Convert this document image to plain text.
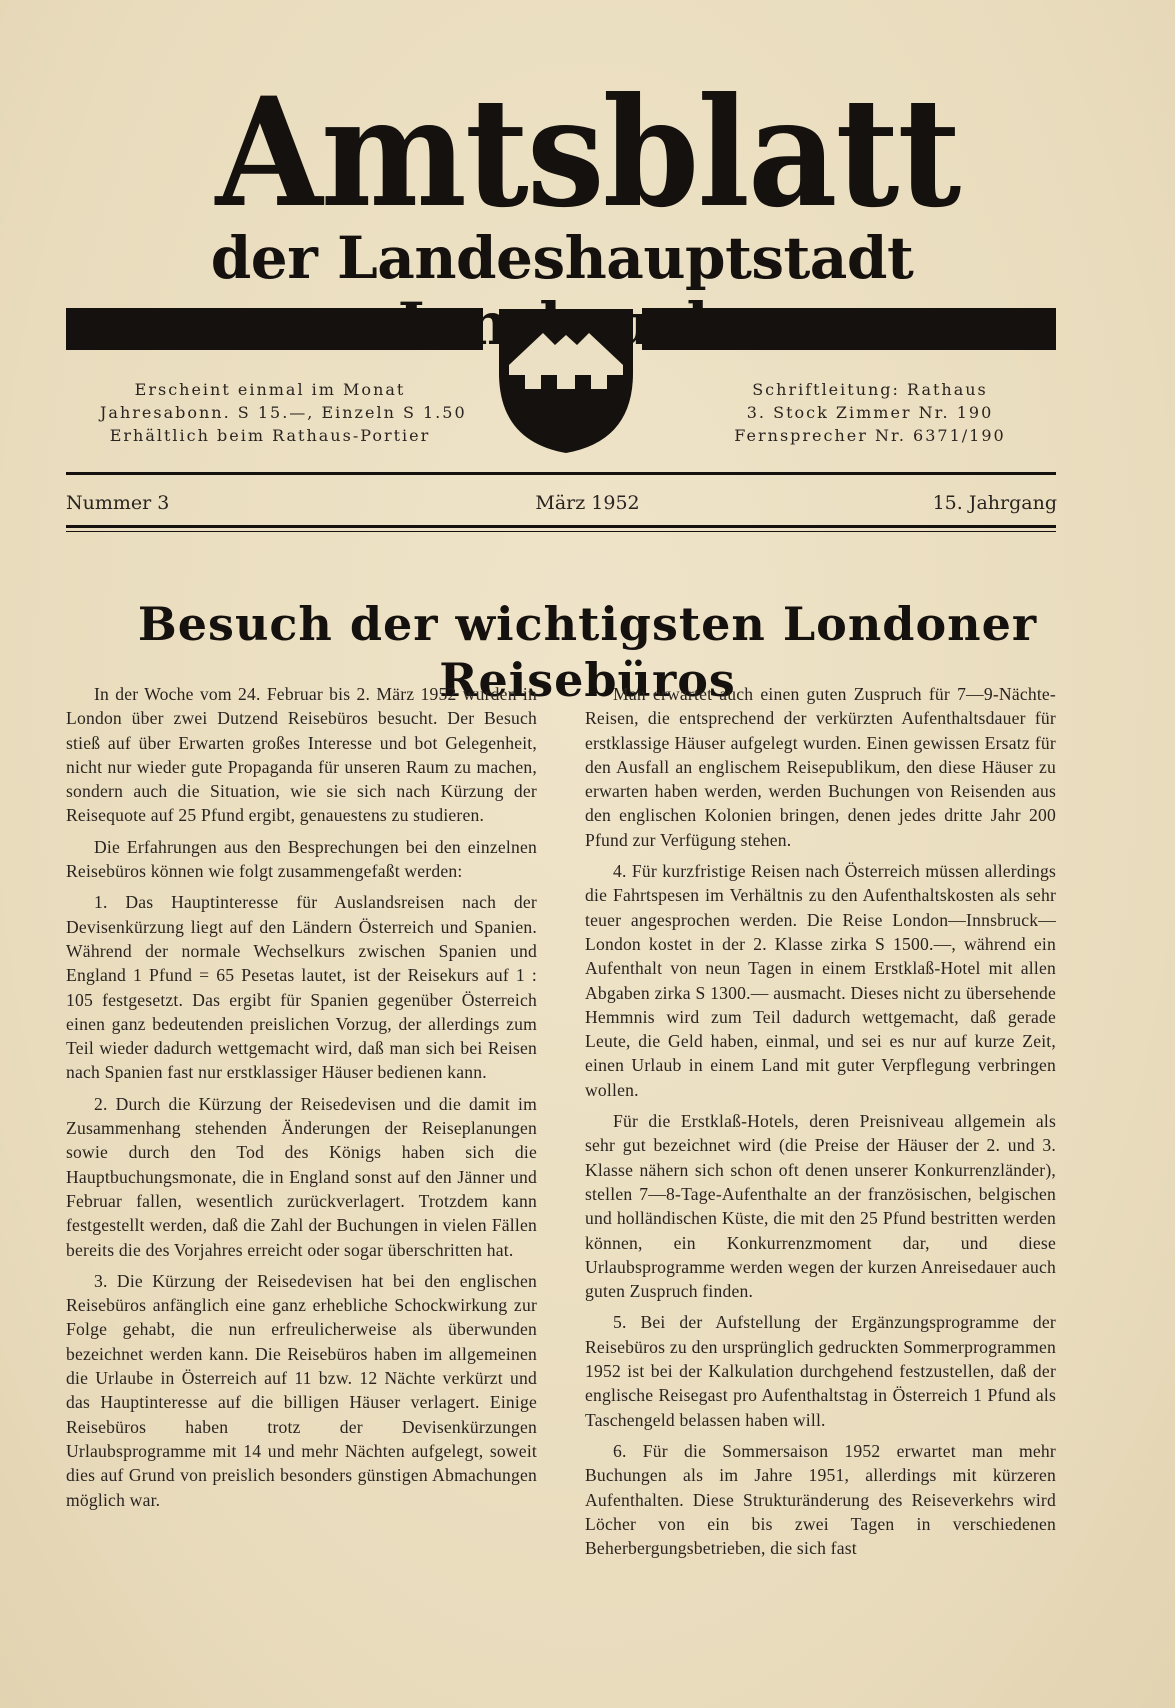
Amtsblatt
der Landeshauptstadt
Erscheint einmal im Monat
Jahresabonn. S 15.—, Einzeln S 1.50
Erhältlich beim Rathaus-Portier
Schriftleitung: Rathaus
3. Stock Zimmer Nr. 190
Fernsprecher Nr. 6371/190
Nummer 3	März 1952	15. Jahrgang
Besuch der wichtigsten Londoner Reisebüros

In der Woche vom 24. Februar bis 2. März 1952 wurden in London über zwei Dutzend Reisebüros besucht. Der Besuch stieß auf über Erwarten großes Interesse und bot Gelegenheit, nicht nur wieder gute Propaganda für unseren Raum zu machen, sondern auch die Situation, wie sie sich nach Kürzung der Reisequote auf 25 Pfund ergibt, genauestens zu studieren.

Die Erfahrungen aus den Besprechungen bei den einzelnen Reisebüros können wie folgt zusammengefaßt werden:

1. Das Hauptinteresse für Auslandsreisen nach der Devisenkürzung liegt auf den Ländern Österreich und Spanien. Während der normale Wechselkurs zwischen Spanien und England 1 Pfund = 65 Pesetas lautet, ist der Reisekurs auf 1 : 105 festgesetzt. Das ergibt für Spanien gegenüber Österreich einen ganz bedeutenden preislichen Vorzug, der allerdings zum Teil wieder dadurch wettgemacht wird, daß man sich bei Reisen nach Spanien fast nur erstklassiger Häuser bedienen kann.

2. Durch die Kürzung der Reisedevisen und die damit im Zusammenhang stehenden Änderungen der Reiseplanungen sowie durch den Tod des Königs haben sich die Hauptbuchungsmonate, die in England sonst auf den Jänner und Februar fallen, wesentlich zurückverlagert. Trotzdem kann festgestellt werden, daß die Zahl der Buchungen in vielen Fällen bereits die des Vorjahres erreicht oder sogar überschritten hat.

3. Die Kürzung der Reisedevisen hat bei den englischen Reisebüros anfänglich eine ganz erhebliche Schockwirkung zur Folge gehabt, die nun erfreulicherweise als überwunden bezeichnet werden kann. Die Reisebüros haben im allgemeinen die Urlaube in Österreich auf 11 bzw. 12 Nächte verkürzt und das Hauptinteresse auf die billigen Häuser verlagert. Einige Reisebüros haben trotz der Devisenkürzungen Urlaubsprogramme mit 14 und mehr Nächten aufgelegt, soweit dies auf Grund von preislich besonders günstigen Abmachungen möglich war.

Man erwartet auch einen guten Zuspruch für 7—9-Nächte-Reisen, die entsprechend der verkürzten Aufenthaltsdauer für erstklassige Häuser aufgelegt wurden. Einen gewissen Ersatz für den Ausfall an englischem Reisepublikum, den diese Häuser zu erwarten haben werden, werden Buchungen von Reisenden aus den englischen Kolonien bringen, denen jedes dritte Jahr 200 Pfund zur Verfügung stehen.

4. Für kurzfristige Reisen nach Österreich müssen allerdings die Fahrtspesen im Verhältnis zu den Aufenthaltskosten als sehr teuer angesprochen werden. Die Reise London—Innsbruck—London kostet in der 2. Klasse zirka S 1500.—, während ein Aufenthalt von neun Tagen in einem Erstklaß-Hotel mit allen Abgaben zirka S 1300.— ausmacht. Dieses nicht zu übersehende Hemmnis wird zum Teil dadurch wettgemacht, daß gerade Leute, die Geld haben, einmal, und sei es nur auf kurze Zeit, einen Urlaub in einem Land mit guter Verpflegung verbringen wollen.

Für die Erstklaß-Hotels, deren Preisniveau allgemein als sehr gut bezeichnet wird (die Preise der Häuser der 2. und 3. Klasse nähern sich schon oft denen unserer Konkurrenzländer), stellen 7—8-Tage-Aufenthalte an der französischen, belgischen und holländischen Küste, die mit den 25 Pfund bestritten werden können, ein Konkurrenzmoment dar, und diese Urlaubsprogramme werden wegen der kurzen Anreisedauer auch guten Zuspruch finden.

5. Bei der Aufstellung der Ergänzungsprogramme der Reisebüros zu den ursprünglich gedruckten Sommerprogrammen 1952 ist bei der Kalkulation durchgehend festzustellen, daß der englische Reisegast pro Aufenthaltstag in Österreich 1 Pfund als Taschengeld belassen haben will.

6. Für die Sommersaison 1952 erwartet man mehr Buchungen als im Jahre 1951, allerdings mit kürzeren Aufenthalten. Diese Strukturänderung des Reiseverkehrs wird Löcher von ein bis zwei Tagen in verschiedenen Beherbergungsbetrieben, die sich fast
